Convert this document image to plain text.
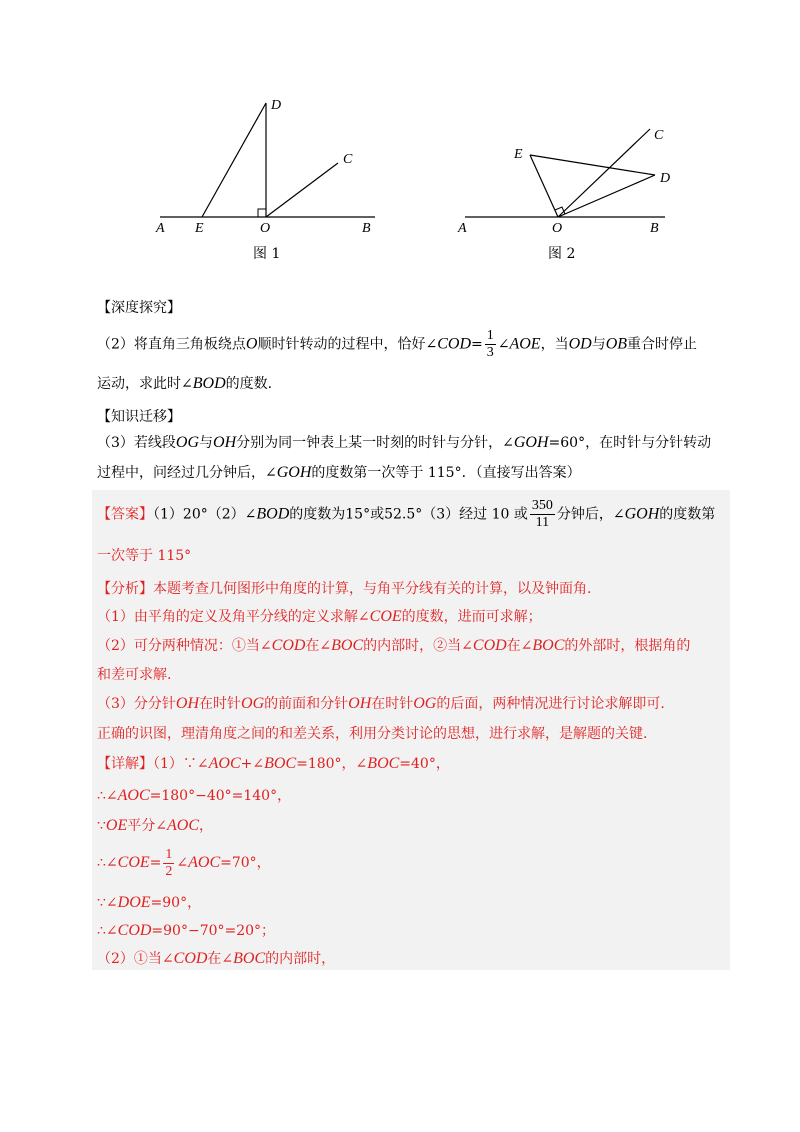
D
C
A E	O	B
图 1
E
C
D
A	O	B
图 2
【深度探究】
（2）将直角三角板绕点O顺时针转动的过程中，恰好∠COD= $\frac{1}{3}$ ∠AOE，当OD与OB重合时停止
运动，求此时∠BOD的度数.
【知识迁移】
（3）若线段OG与OH分别为同一钟表上某一时刻的时针与分针，∠GOH=60°，在时针与分针转动
过程中，问经过几分钟后，∠GOH的度数第一次等于 115°．（直接写出答案）
【答案】（1）20°（2）∠BOD的度数为15°或52.5°（3）经过 10 或 $\frac{350}{11}$ 分钟后，∠GOH的度数第
一次等于 115°
【分析】本题考查几何图形中角度的计算，与角平分线有关的计算，以及钟面角.
（1）由平角的定义及角平分线的定义求解∠COE的度数，进而可求解；
（2）可分两种情况：①当∠COD在∠BOC的内部时，②当∠COD在∠BOC的外部时，根据角的
和差可求解.
（3）分分针OH在时针OG的前面和分针OH在时针OG的后面，两种情况进行讨论求解即可.
正确的识图，理清角度之间的和差关系，利用分类讨论的思想，进行求解，是解题的关键.
【详解】（1）∵∠AOC+∠BOC=180°，∠BOC=40°，
∴∠AOC=180°−40°=140°，
∵OE平分∠AOC，
∴∠COE= $\frac{1}{2}$ ∠AOC=70°，
∵∠DOE=90°，
∴∠COD=90°−70°=20°；
（2）①当∠COD在∠BOC的内部时，
